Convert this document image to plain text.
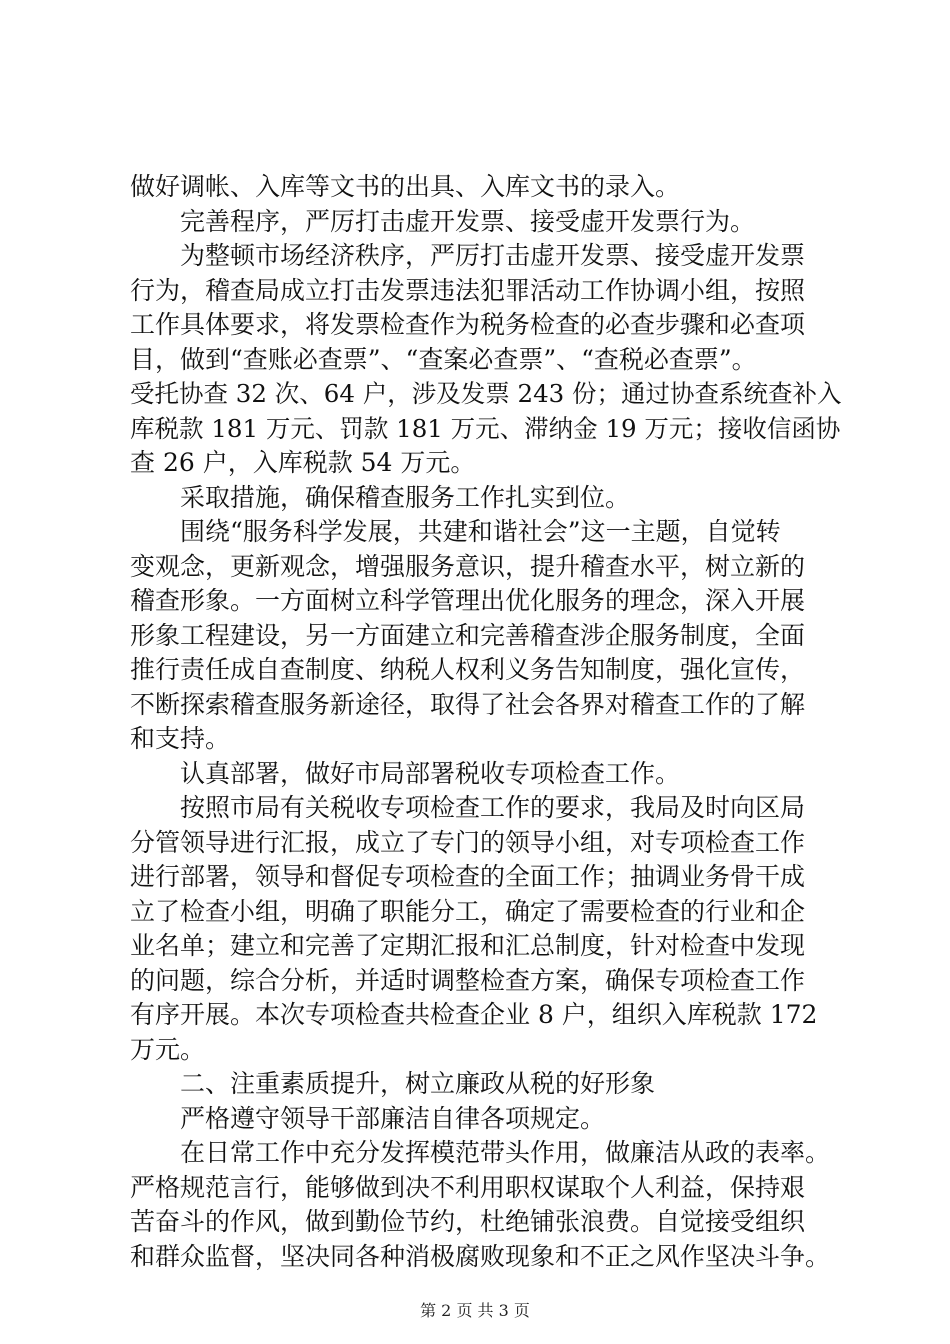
做好调帐、入库等文书的出具、入库文书的录入。
完善程序，严厉打击虚开发票、接受虚开发票行为。
为整顿市场经济秩序，严厉打击虚开发票、接受虚开发票
行为，稽查局成立打击发票违法犯罪活动工作协调小组，按照
工作具体要求，将发票检查作为税务检查的必查步骤和必查项
目，做到“查账必查票”、“查案必查票”、“查税必查票”。
受托协查 32 次、64 户，涉及发票 243 份；通过协查系统查补入
库税款 181 万元、罚款 181 万元、滞纳金 19 万元；接收信函协
查 26 户，入库税款 54 万元。
采取措施，确保稽查服务工作扎实到位。
围绕“服务科学发展，共建和谐社会”这一主题，自觉转
变观念，更新观念，增强服务意识，提升稽查水平，树立新的
稽查形象。一方面树立科学管理出优化服务的理念，深入开展
形象工程建设，另一方面建立和完善稽查涉企服务制度，全面
推行责任成自查制度、纳税人权利义务告知制度，强化宣传，
不断探索稽查服务新途径，取得了社会各界对稽查工作的了解
和支持。
认真部署，做好市局部署税收专项检查工作。
按照市局有关税收专项检查工作的要求，我局及时向区局
分管领导进行汇报，成立了专门的领导小组，对专项检查工作
进行部署，领导和督促专项检查的全面工作；抽调业务骨干成
立了检查小组，明确了职能分工，确定了需要检查的行业和企
业名单；建立和完善了定期汇报和汇总制度，针对检查中发现
的问题，综合分析，并适时调整检查方案，确保专项检查工作
有序开展。本次专项检查共检查企业 8 户，组织入库税款 172
万元。
二、注重素质提升，树立廉政从税的好形象
严格遵守领导干部廉洁自律各项规定。
在日常工作中充分发挥模范带头作用，做廉洁从政的表率。
严格规范言行，能够做到决不利用职权谋取个人利益，保持艰
苦奋斗的作风，做到勤俭节约，杜绝铺张浪费。自觉接受组织
和群众监督，坚决同各种消极腐败现象和不正之风作坚决斗争。
第 2 页 共 3 页
